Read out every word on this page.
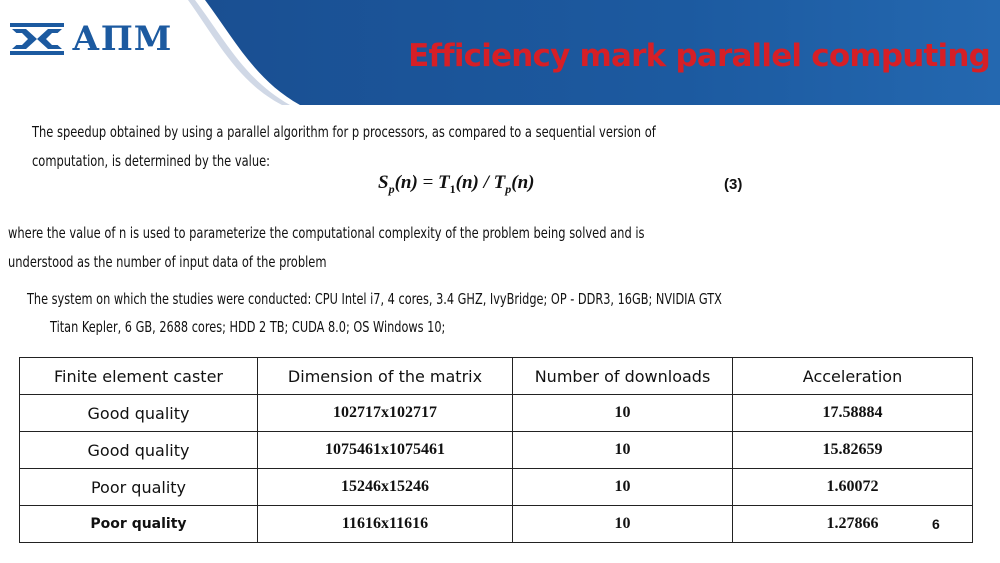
АПМ	Efficiency mark parallel computing
The speedup obtained by using a parallel algorithm for p processors, as compared to a sequential version of
computation, is determined by the value:
$S_p(n) = T_1(n) / T_p(n)$	(3)
where the value of n is used to parameterize the computational complexity of the problem being solved and is
understood as the number of input data of the problem
The system on which the studies were conducted: CPU Intel i7, 4 cores, 3.4 GHZ, IvyBridge; OP - DDR3, 16GB; NVIDIA GTX
Titan Kepler, 6 GB, 2688 cores; HDD 2 TB; CUDA 8.0; OS Windows 10;
Finite element caster	Dimension of the matrix	Number of downloads	Acceleration
Good quality	102717x102717	10	17.58884
Good quality	1075461x1075461	10	15.82659
Poor quality	15246x15246	10	1.60072
Poor quality	11616x11616	10	1.27866	6
